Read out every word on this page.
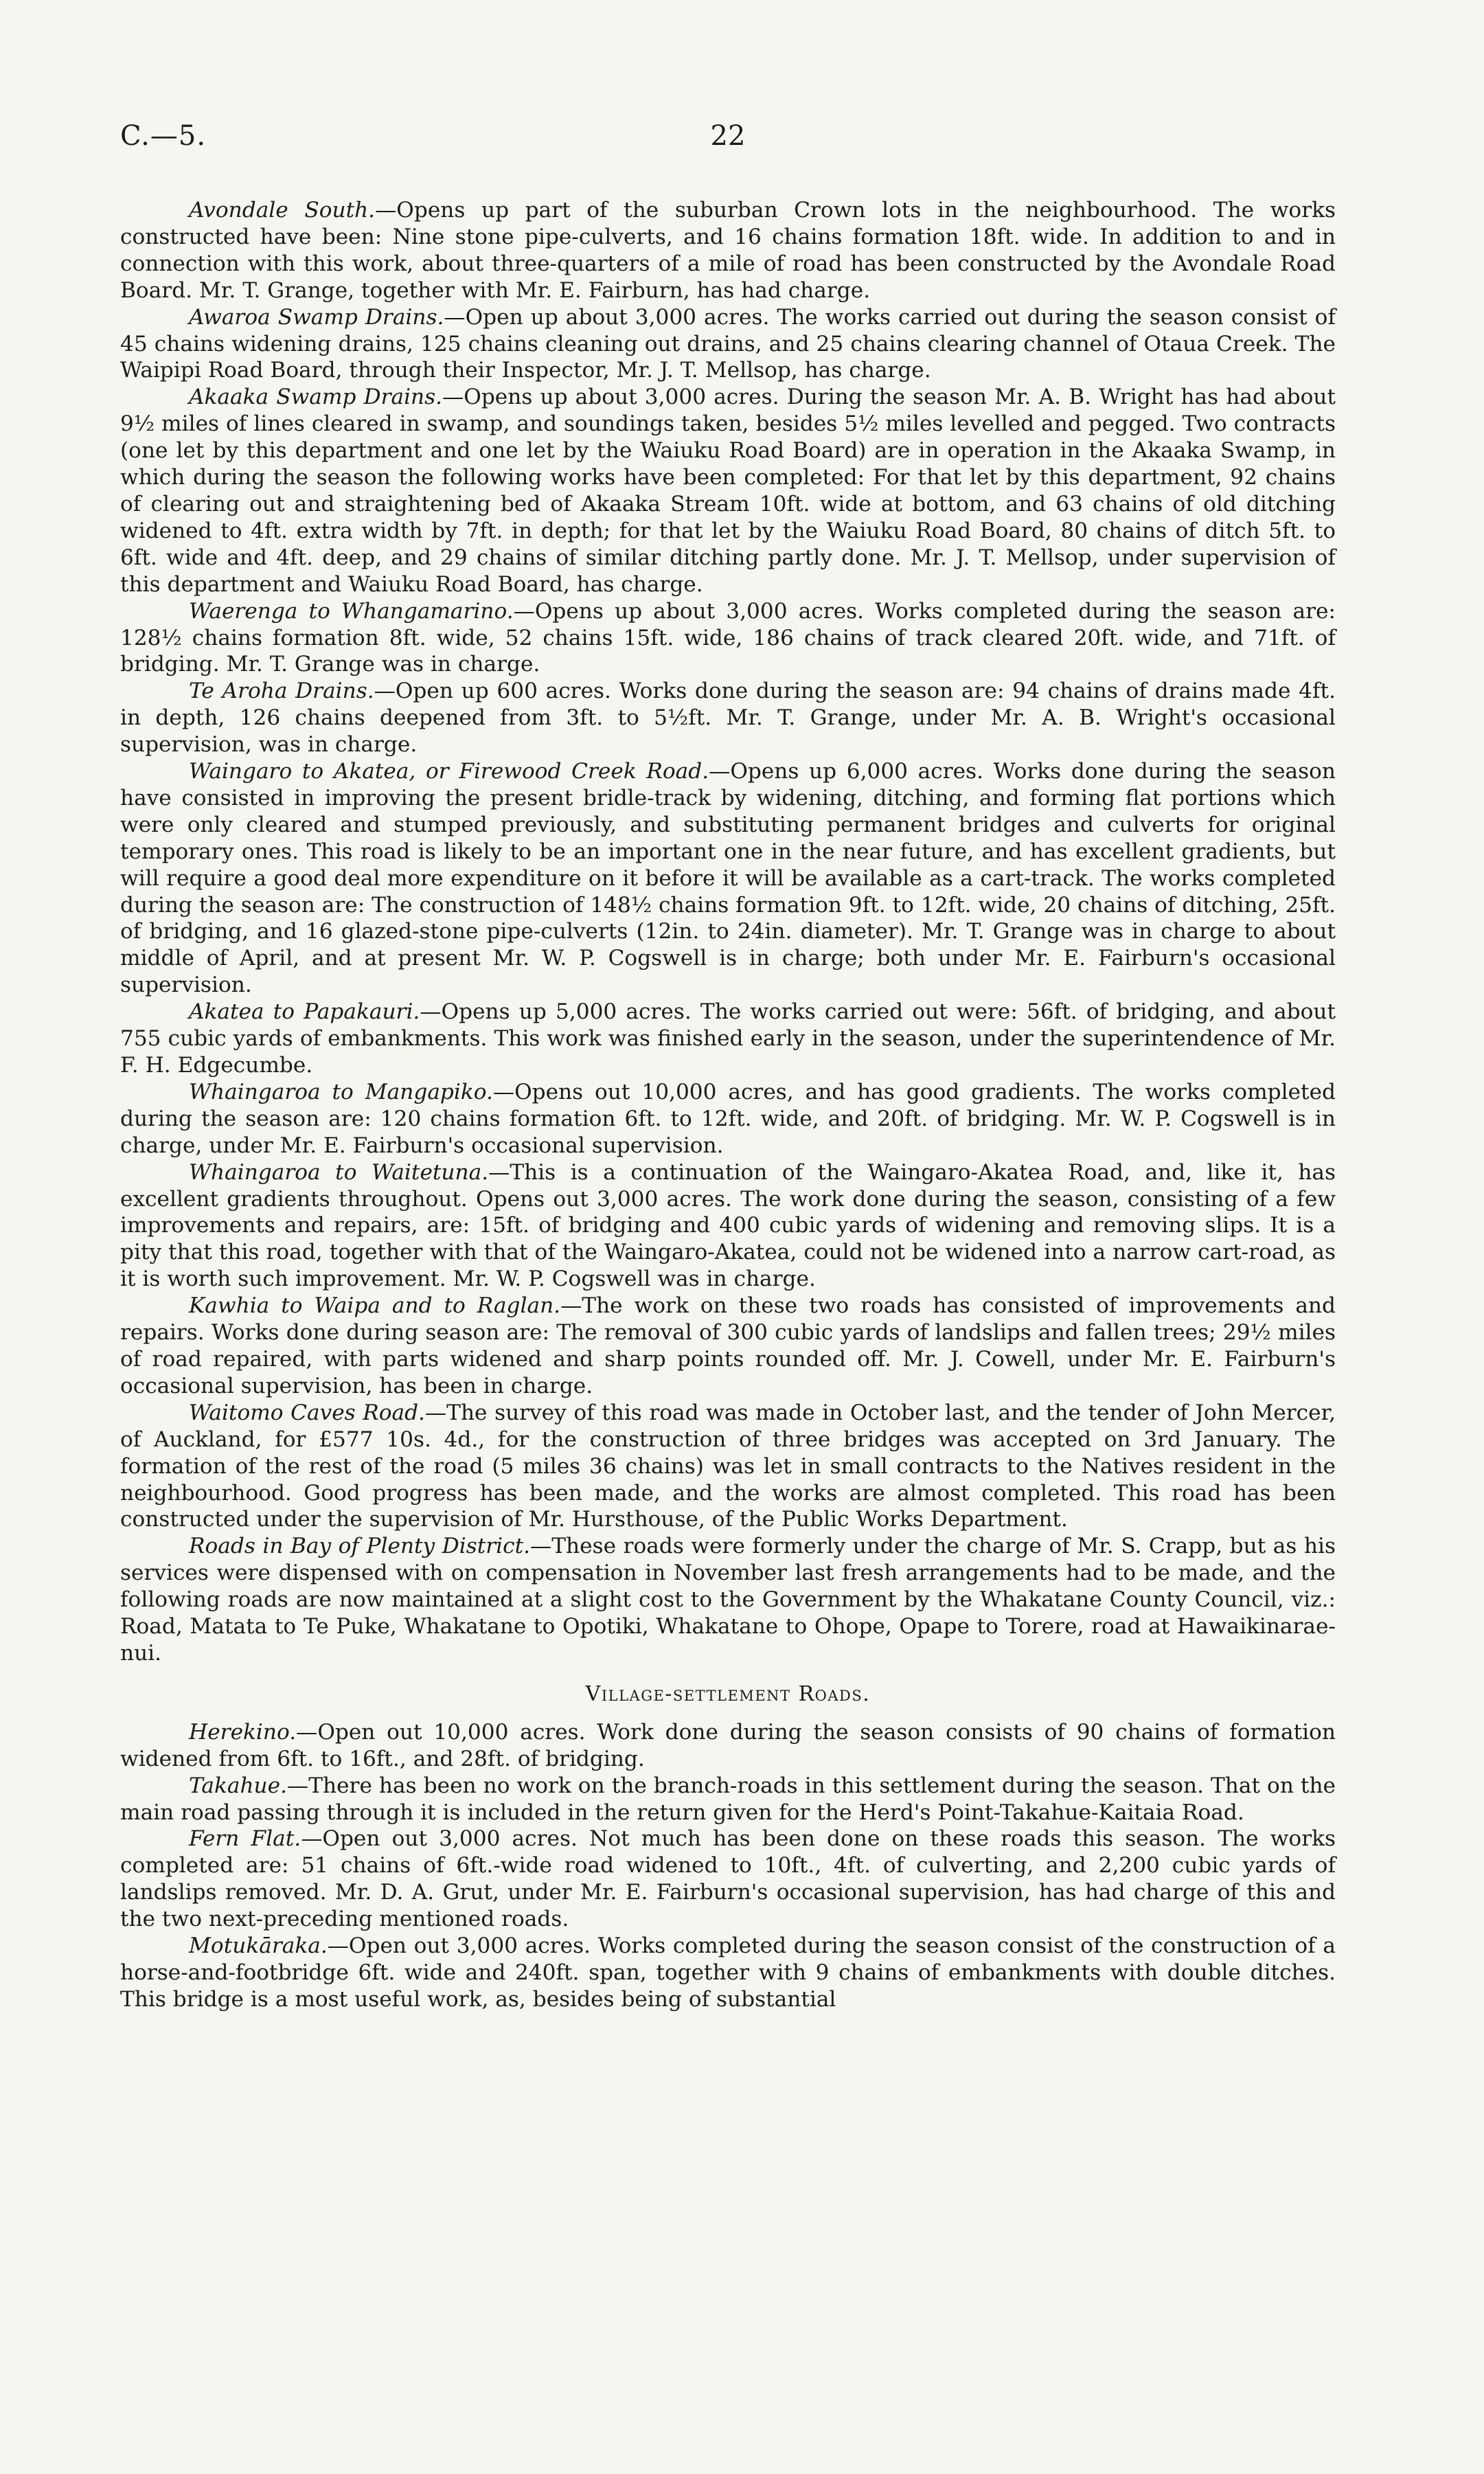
C.—5.	22

Avondale South.—Opens up part of the suburban Crown lots in the neighbourhood. The works constructed have been: Nine stone pipe-culverts, and 16 chains formation 18ft. wide. In addition to and in connection with this work, about three-quarters of a mile of road has been constructed by the Avondale Road Board. Mr. T. Grange, together with Mr. E. Fairburn, has had charge.

Awaroa Swamp Drains.—Open up about 3,000 acres. The works carried out during the season consist of 45 chains widening drains, 125 chains cleaning out drains, and 25 chains clearing channel of Otaua Creek. The Waipipi Road Board, through their Inspector, Mr. J. T. Mellsop, has charge.

Akaaka Swamp Drains.—Opens up about 3,000 acres. During the season Mr. A. B. Wright has had about 9½ miles of lines cleared in swamp, and soundings taken, besides 5½ miles levelled and pegged. Two contracts (one let by this department and one let by the Waiuku Road Board) are in operation in the Akaaka Swamp, in which during the season the following works have been completed: For that let by this department, 92 chains of clearing out and straightening bed of Akaaka Stream 10ft. wide at bottom, and 63 chains of old ditching widened to 4ft. extra width by 7ft. in depth; for that let by the Waiuku Road Board, 80 chains of ditch 5ft. to 6ft. wide and 4ft. deep, and 29 chains of similar ditching partly done. Mr. J. T. Mellsop, under supervision of this department and Waiuku Road Board, has charge.

Waerenga to Whangamarino.—Opens up about 3,000 acres. Works completed during the season are: 128½ chains formation 8ft. wide, 52 chains 15ft. wide, 186 chains of track cleared 20ft. wide, and 71ft. of bridging. Mr. T. Grange was in charge.

Te Aroha Drains.—Open up 600 acres. Works done during the season are: 94 chains of drains made 4ft. in depth, 126 chains deepened from 3ft. to 5½ft. Mr. T. Grange, under Mr. A. B. Wright's occasional supervision, was in charge.

Waingaro to Akatea, or Firewood Creek Road.—Opens up 6,000 acres. Works done during the season have consisted in improving the present bridle-track by widening, ditching, and forming flat portions which were only cleared and stumped previously, and substituting permanent bridges and culverts for original temporary ones. This road is likely to be an important one in the near future, and has excellent gradients, but will require a good deal more expenditure on it before it will be available as a cart-track. The works completed during the season are: The construction of 148½ chains formation 9ft. to 12ft. wide, 20 chains of ditching, 25ft. of bridging, and 16 glazed-stone pipe-culverts (12in. to 24in. diameter). Mr. T. Grange was in charge to about middle of April, and at present Mr. W. P. Cogswell is in charge; both under Mr. E. Fairburn's occasional supervision.

Akatea to Papakauri.—Opens up 5,000 acres. The works carried out were: 56ft. of bridging, and about 755 cubic yards of embankments. This work was finished early in the season, under the superintendence of Mr. F. H. Edgecumbe.

Whaingaroa to Mangapiko.—Opens out 10,000 acres, and has good gradients. The works completed during the season are: 120 chains formation 6ft. to 12ft. wide, and 20ft. of bridging. Mr. W. P. Cogswell is in charge, under Mr. E. Fairburn's occasional supervision.

Whaingaroa to Waitetuna.—This is a continuation of the Waingaro-Akatea Road, and, like it, has excellent gradients throughout. Opens out 3,000 acres. The work done during the season, consisting of a few improvements and repairs, are: 15ft. of bridging and 400 cubic yards of widening and removing slips. It is a pity that this road, together with that of the Waingaro-Akatea, could not be widened into a narrow cart-road, as it is worth such improvement. Mr. W. P. Cogswell was in charge.

Kawhia to Waipa and to Raglan.—The work on these two roads has consisted of improvements and repairs. Works done during season are: The removal of 300 cubic yards of landslips and fallen trees; 29½ miles of road repaired, with parts widened and sharp points rounded off. Mr. J. Cowell, under Mr. E. Fairburn's occasional supervision, has been in charge.

Waitomo Caves Road.—The survey of this road was made in October last, and the tender of John Mercer, of Auckland, for £577 10s. 4d., for the construction of three bridges was accepted on 3rd January. The formation of the rest of the road (5 miles 36 chains) was let in small contracts to the Natives resident in the neighbourhood. Good progress has been made, and the works are almost completed. This road has been constructed under the supervision of Mr. Hursthouse, of the Public Works Department.

Roads in Bay of Plenty District.—These roads were formerly under the charge of Mr. S. Crapp, but as his services were dispensed with on compensation in November last fresh arrangements had to be made, and the following roads are now maintained at a slight cost to the Government by the Whakatane County Council, viz.: Road, Matata to Te Puke, Whakatane to Opotiki, Whakatane to Ohope, Opape to Torere, road at Hawaikinarae-nui.

Village-settlement Roads.

Herekino.—Open out 10,000 acres. Work done during the season consists of 90 chains of formation widened from 6ft. to 16ft., and 28ft. of bridging.

Takahue.—There has been no work on the branch-roads in this settlement during the season. That on the main road passing through it is included in the return given for the Herd's Point-Takahue-Kaitaia Road.

Fern Flat.—Open out 3,000 acres. Not much has been done on these roads this season. The works completed are: 51 chains of 6ft.-wide road widened to 10ft., 4ft. of culverting, and 2,200 cubic yards of landslips removed. Mr. D. A. Grut, under Mr. E. Fairburn's occasional supervision, has had charge of this and the two next-preceding mentioned roads.

Motukāraka.—Open out 3,000 acres. Works completed during the season consist of the construction of a horse-and-footbridge 6ft. wide and 240ft. span, together with 9 chains of embankments with double ditches. This bridge is a most useful work, as, besides being of substantial
